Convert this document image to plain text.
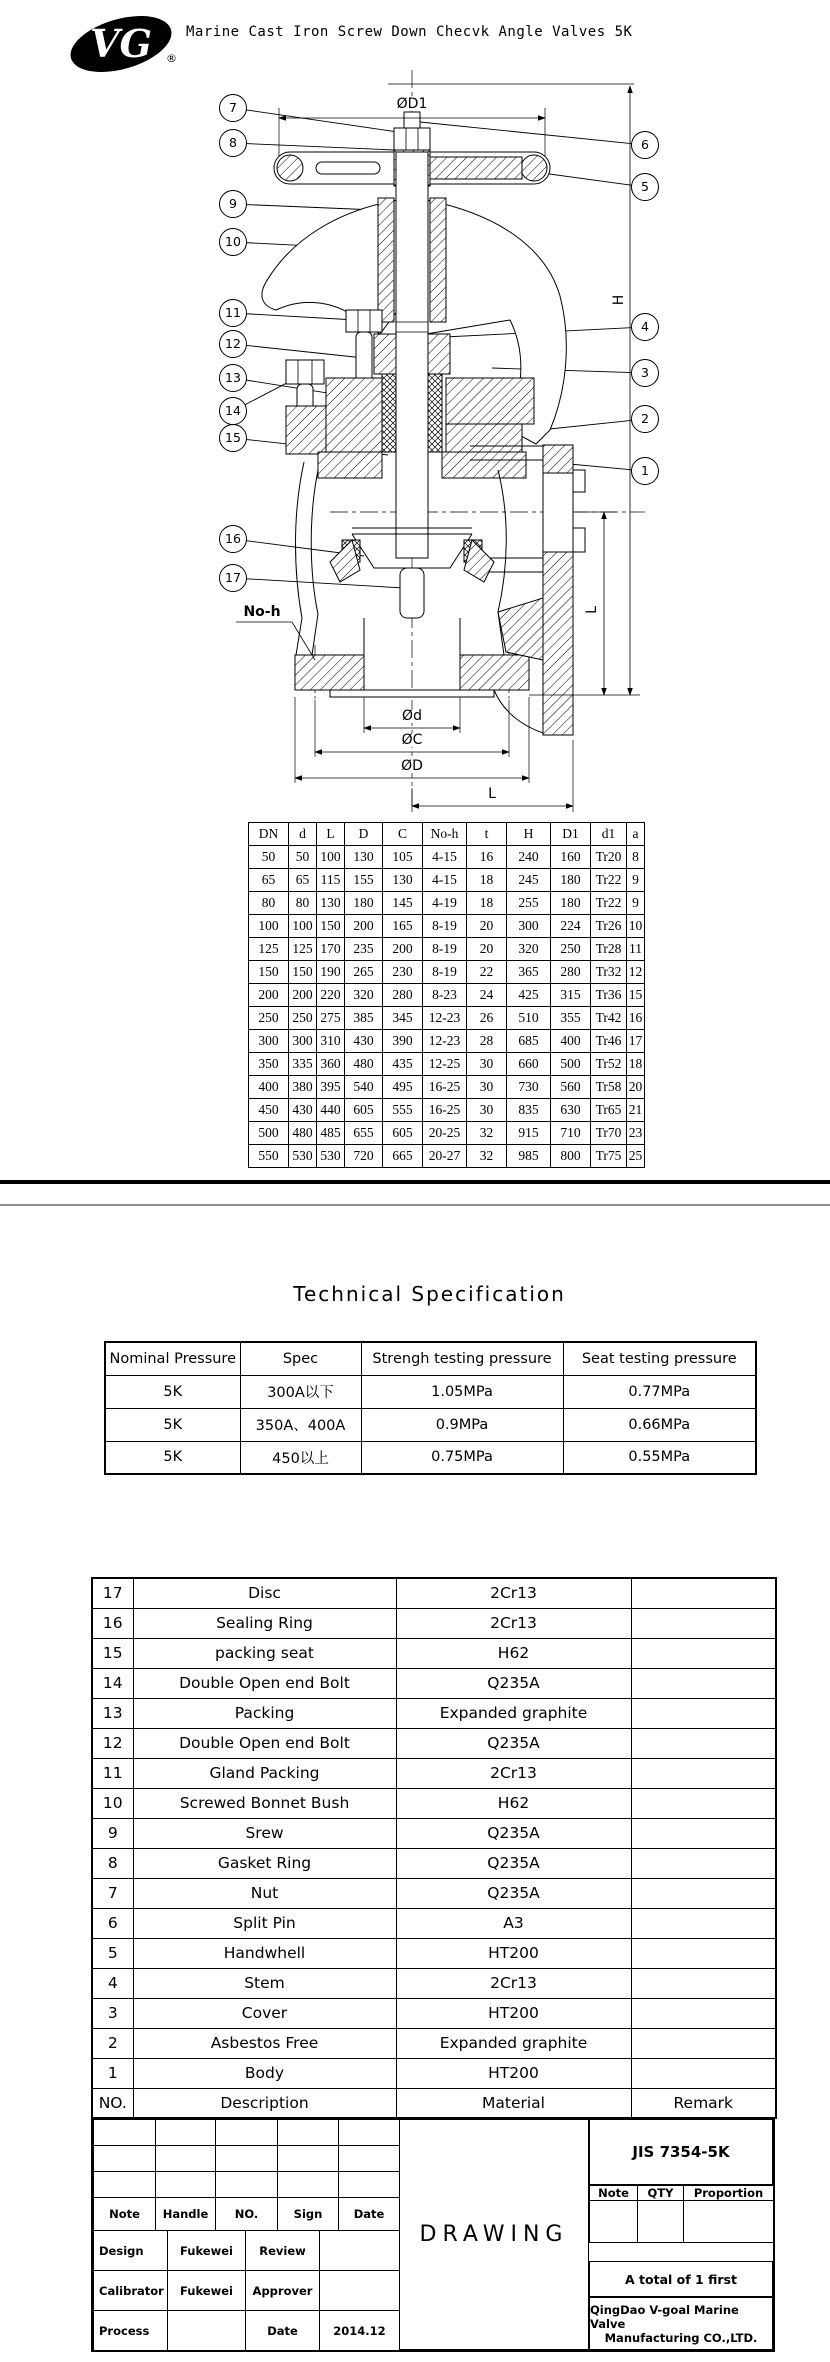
VG ®
Marine Cast Iron Screw Down Checvk Angle Valves 5K
ØD1
H
L
No-h
Ød
ØC
ØD
L
1
2
3
4
5
6
7
8
9
10
11
12
13
14
15
16
17
DN	d	L	D	C	No-h	t	H	D1	d1	a
50	50	100	130	105	4-15	16	240	160	Tr20	8
65	65	115	155	130	4-15	18	245	180	Tr22	9
80	80	130	180	145	4-19	18	255	180	Tr22	9
100	100	150	200	165	8-19	20	300	224	Tr26	10
125	125	170	235	200	8-19	20	320	250	Tr28	11
150	150	190	265	230	8-19	22	365	280	Tr32	12
200	200	220	320	280	8-23	24	425	315	Tr36	15
250	250	275	385	345	12-23	26	510	355	Tr42	16
300	300	310	430	390	12-23	28	685	400	Tr46	17
350	335	360	480	435	12-25	30	660	500	Tr52	18
400	380	395	540	495	16-25	30	730	560	Tr58	20
450	430	440	605	555	16-25	30	835	630	Tr65	21
500	480	485	655	605	20-25	32	915	710	Tr70	23
550	530	530	720	665	20-27	32	985	800	Tr75	25
Technical Specification
Nominal Pressure	Spec	Strengh testing pressure	Seat testing pressure
5K	300A以下	1.05MPa	0.77MPa
5K	350A、400A	0.9MPa	0.66MPa
5K	450以上	0.75MPa	0.55MPa
17	Disc	2Cr13	
16	Sealing Ring	2Cr13	
15	packing seat	H62	
14	Double Open end Bolt	Q235A	
13	Packing	Expanded graphite	
12	Double Open end Bolt	Q235A	
11	Gland Packing	2Cr13	
10	Screwed Bonnet Bush	H62	
9	Srew	Q235A	
8	Gasket Ring	Q235A	
7	Nut	Q235A	
6	Split Pin	A3	
5	Handwhell	HT200	
4	Stem	2Cr13	
3	Cover	HT200	
2	Asbestos Free	Expanded graphite	
1	Body	HT200	
NO.	Description	Material	Remark

Note	Handle	NO.	Sign	Date
Design	Fukewei	Review	
Calibrator	Fukewei	Approver	
Process		Date	2014.12
DRAWING
JIS 7354-5K
Note	QTY	Proportion

A total of 1 first
QingDao V-goal Marine Valve
Manufacturing CO.,LTD.
